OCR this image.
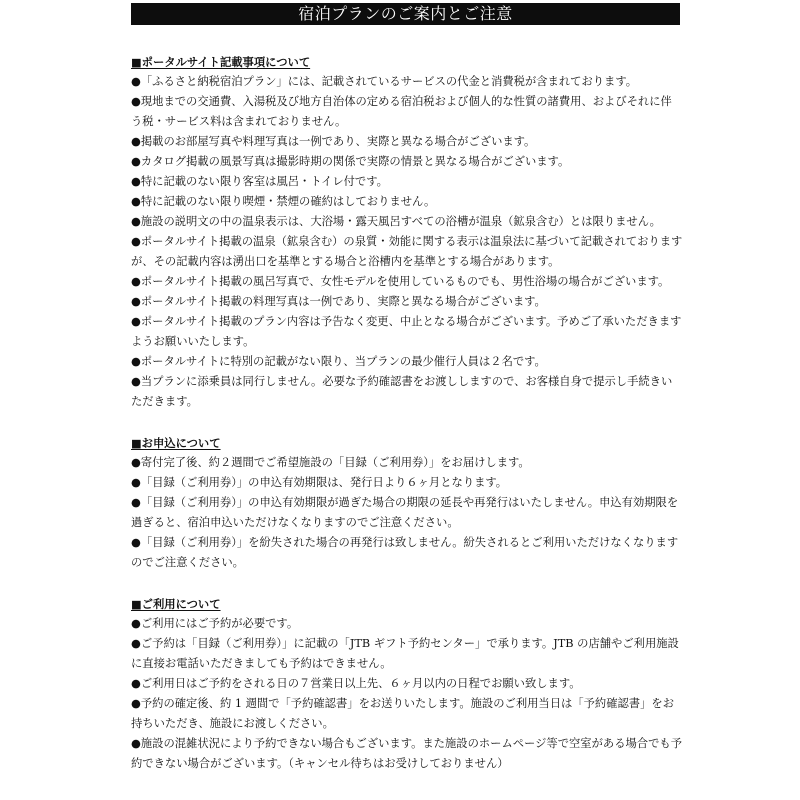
宿泊プランのご案内とご注意
■ポータルサイト記載事項について
●「ふるさと納税宿泊プラン」には、記載されているサービスの代金と消費税が含まれております。
●現地までの交通費、入湯税及び地方自治体の定める宿泊税および個人的な性質の諸費用、およびそれに伴う税・サービス料は含まれておりません。
●掲載のお部屋写真や料理写真は一例であり、実際と異なる場合がございます。
●カタログ掲載の風景写真は撮影時期の関係で実際の情景と異なる場合がございます。
●特に記載のない限り客室は風呂・トイレ付です。
●特に記載のない限り喫煙・禁煙の確約はしておりません。
●施設の説明文の中の温泉表示は、大浴場・露天風呂すべての浴槽が温泉（鉱泉含む）とは限りません。
●ポータルサイト掲載の温泉（鉱泉含む）の泉質・効能に関する表示は温泉法に基づいて記載されておりますが、その記載内容は湧出口を基準とする場合と浴槽内を基準とする場合があります。
●ポータルサイト掲載の風呂写真で、女性モデルを使用しているものでも、男性浴場の場合がございます。
●ポータルサイト掲載の料理写真は一例であり、実際と異なる場合がございます。
●ポータルサイト掲載のプラン内容は予告なく変更、中止となる場合がございます。予めご了承いただきますようお願いいたします。
●ポータルサイトに特別の記載がない限り、当プランの最少催行人員は２名です。
●当プランに添乗員は同行しません。必要な予約確認書をお渡ししますので、お客様自身で提示し手続きいただきます。
■お申込について
●寄付完了後、約２週間でご希望施設の「目録（ご利用券）」をお届けします。
●「目録（ご利用券）」の申込有効期限は、発行日より６ヶ月となります。
●「目録（ご利用券）」の申込有効期限が過ぎた場合の期限の延長や再発行はいたしません。申込有効期限を過ぎると、宿泊申込いただけなくなりますのでご注意ください。
●「目録（ご利用券）」を紛失された場合の再発行は致しません。紛失されるとご利用いただけなくなりますのでご注意ください。
■ご利用について
●ご利用にはご予約が必要です。
●ご予約は「目録（ご利用券）」に記載の「JTB ギフト予約センター」で承ります。JTB の店舗やご利用施設に直接お電話いただきましても予約はできません。
●ご利用日はご予約をされる日の７営業日以上先、６ヶ月以内の日程でお願い致します。
●予約の確定後、約 1 週間で「予約確認書」をお送りいたします。施設のご利用当日は「予約確認書」をお持ちいただき、施設にお渡しください。
●施設の混雑状況により予約できない場合もございます。また施設のホームページ等で空室がある場合でも予約できない場合がございます。（キャンセル待ちはお受けしておりません）
